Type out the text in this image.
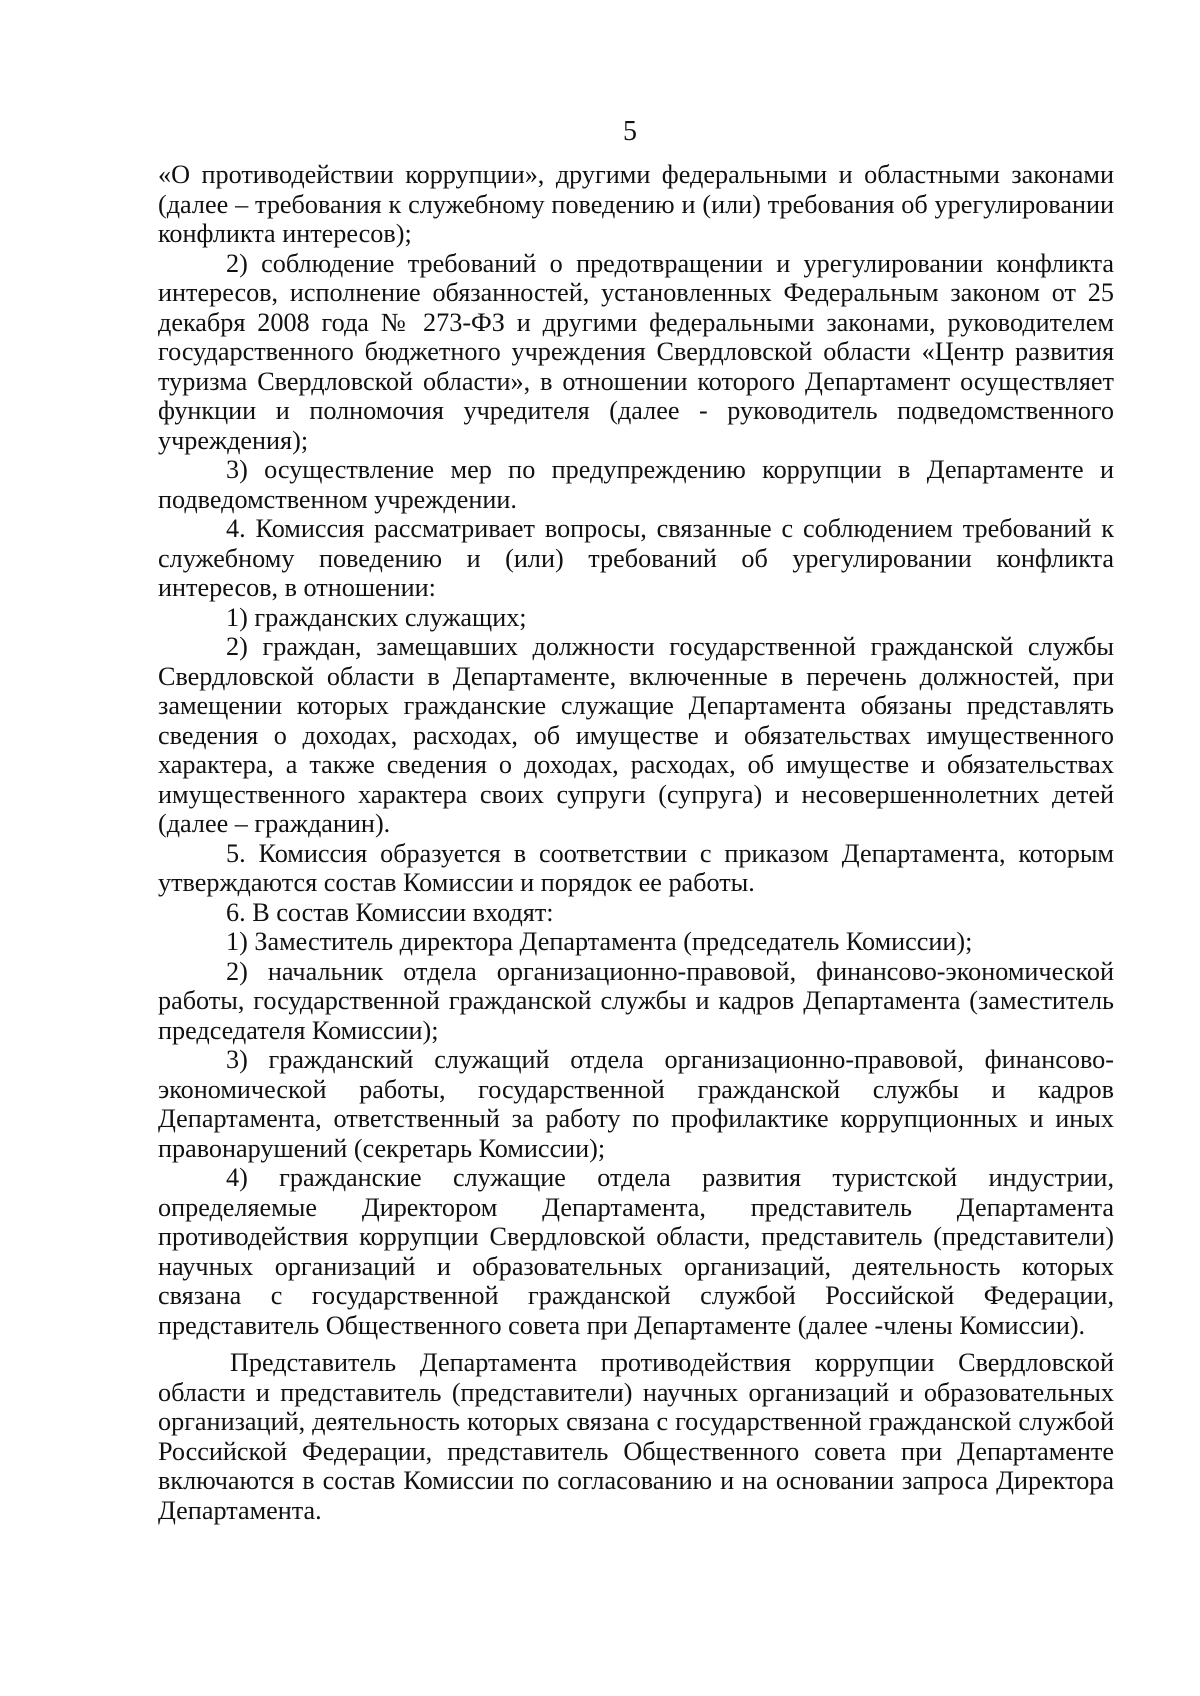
5

«О противодействии коррупции», другими федеральными и областными законами (далее – требования к служебному поведению и (или) требования об урегулировании конфликта интересов);

2) соблюдение требований о предотвращении и урегулировании конфликта интересов, исполнение обязанностей, установленных Федеральным законом от 25 декабря 2008 года № 273-ФЗ и другими федеральными законами, руководителем государственного бюджетного учреждения Свердловской области «Центр развития туризма Свердловской области», в отношении которого Департамент осуществляет функции и полномочия учредителя (далее - руководитель подведомственного учреждения);

3) осуществление мер по предупреждению коррупции в Департаменте и подведомственном учреждении.

4. Комиссия рассматривает вопросы, связанные с соблюдением требований к служебному поведению и (или) требований об урегулировании конфликта интересов, в отношении:

1) гражданских служащих;

2) граждан, замещавших должности государственной гражданской службы Свердловской области в Департаменте, включенные в перечень должностей, при замещении которых гражданские служащие Департамента обязаны представлять сведения о доходах, расходах, об имуществе и обязательствах имущественного характера, а также сведения о доходах, расходах, об имуществе и обязательствах имущественного характера своих супруги (супруга) и несовершеннолетних детей (далее – гражданин).

5. Комиссия образуется в соответствии с приказом Департамента, которым утверждаются состав Комиссии и порядок ее работы.

6. В состав Комиссии входят:

1) Заместитель директора Департамента (председатель Комиссии);

2) начальник отдела организационно-правовой, финансово-экономической работы, государственной гражданской службы и кадров Департамента (заместитель председателя Комиссии);

3) гражданский служащий отдела организационно-правовой, финансово-экономической работы, государственной гражданской службы и кадров Департамента, ответственный за работу по профилактике коррупционных и иных правонарушений (секретарь Комиссии);

4) гражданские служащие отдела развития туристской индустрии, определяемые Директором Департамента, представитель Департамента противодействия коррупции Свердловской области, представитель (представители) научных организаций и образовательных организаций, деятельность которых связана с государственной гражданской службой Российской Федерации, представитель Общественного совета при Департаменте (далее -члены Комиссии).

Представитель Департамента противодействия коррупции Свердловской области и представитель (представители) научных организаций и образовательных организаций, деятельность которых связана с государственной гражданской службой Российской Федерации, представитель Общественного совета при Департаменте включаются в состав Комиссии по согласованию и на основании запроса Директора Департамента.
